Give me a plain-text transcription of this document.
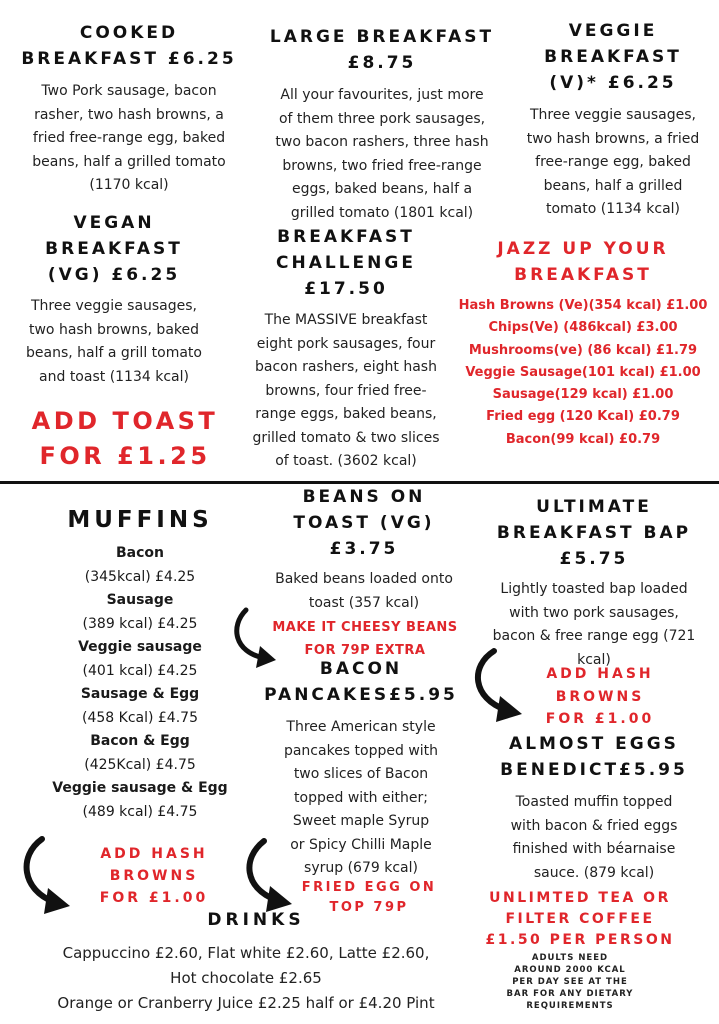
COOKED
BREAKFAST £6.25
Two Pork sausage, bacon
rasher, two hash browns, a
fried free-range egg, baked
beans, half a grilled tomato
(1170 kcal)
LARGE BREAKFAST
£8.75
All your favourites, just more
of them three pork sausages,
two bacon rashers, three hash
browns, two fried free-range
eggs, baked beans, half a
grilled tomato (1801 kcal)
VEGGIE
BREAKFAST
(V)* £6.25
Three veggie sausages,
two hash browns, a fried
free-range egg, baked
beans, half a grilled
tomato (1134 kcal)
VEGAN
BREAKFAST
(VG) £6.25
Three veggie sausages,
two hash browns, baked
beans, half a grill tomato
and toast (1134 kcal)
ADD TOAST
FOR £1.25
BREAKFAST
CHALLENGE
£17.50
The MASSIVE breakfast
eight pork sausages, four
bacon rashers, eight hash
browns, four fried free-
range eggs, baked beans,
grilled tomato & two slices
of toast. (3602 kcal)
JAZZ UP YOUR
BREAKFAST
Hash Browns (Ve)(354 kcal) £1.00
Chips(Ve) (486kcal) £3.00
Mushrooms(ve) (86 kcal) £1.79
Veggie Sausage(101 kcal) £1.00
Sausage(129 kcal) £1.00
Fried egg (120 Kcal) £0.79
Bacon(99 kcal) £0.79
MUFFINS
Bacon
(345kcal) £4.25
Sausage
(389 kcal) £4.25
Veggie sausage
(401 kcal) £4.25
Sausage & Egg
(458 Kcal) £4.75
Bacon & Egg
(425Kcal) £4.75
Veggie sausage & Egg
(489 kcal) £4.75
ADD HASH
BROWNS
FOR £1.00
BEANS ON
TOAST (VG)
£3.75
Baked beans loaded onto
toast (357 kcal)
MAKE IT CHEESY BEANS
FOR 79P EXTRA
BACON
PANCAKES£5.95
Three American style
pancakes topped with
two slices of Bacon
topped with either;
Sweet maple Syrup
or Spicy Chilli Maple
syrup (679 kcal)
FRIED EGG ON
TOP 79P
ULTIMATE
BREAKFAST BAP
£5.75
Lightly toasted bap loaded
with two pork sausages,
bacon & free range egg (721
kcal)
ADD HASH
BROWNS
FOR £1.00
ALMOST EGGS
BENEDICT£5.95
Toasted muffin topped
with bacon & fried eggs
finished with béarnaise
sauce. (879 kcal)
UNLIMTED TEA OR
FILTER COFFEE
£1.50 PER PERSON
ADULTS NEED
AROUND 2000 KCAL
PER DAY SEE AT THE
BAR FOR ANY DIETARY
REQUIREMENTS
DRINKS
Cappuccino £2.60, Flat white £2.60, Latte £2.60,
Hot chocolate £2.65
Orange or Cranberry Juice £2.25 half or £4.20 Pint
